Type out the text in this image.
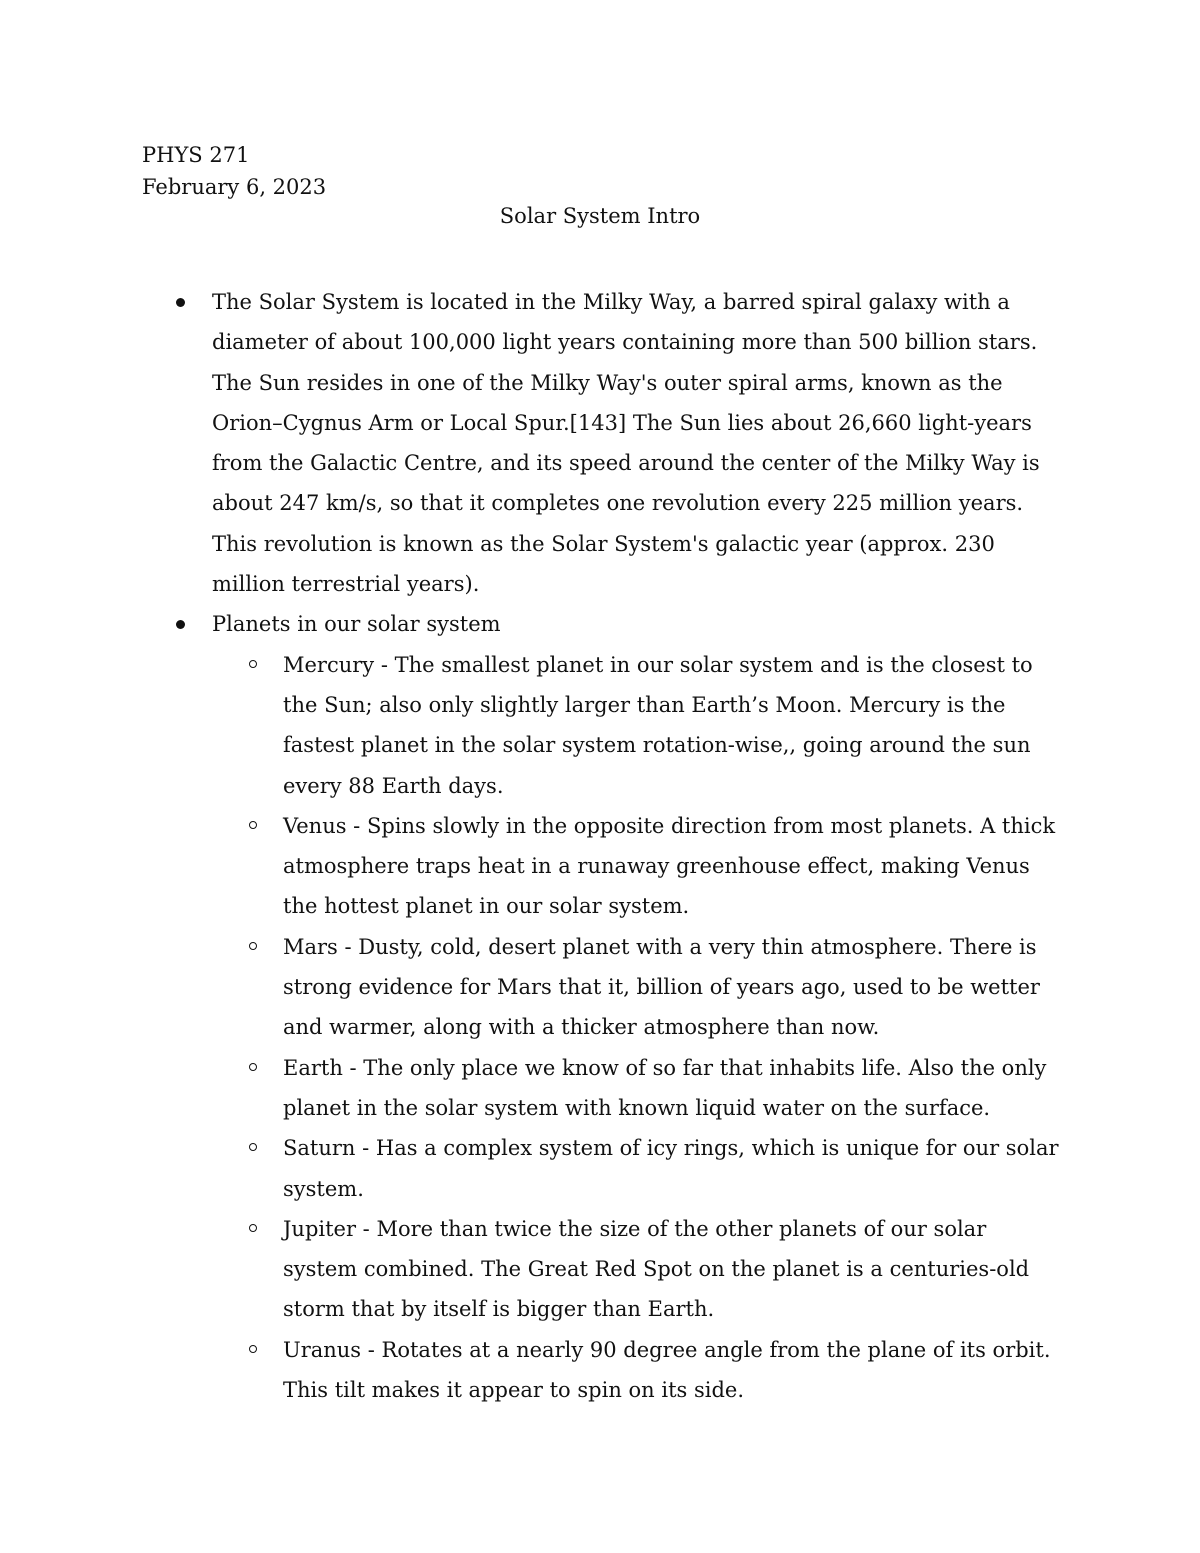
PHYS 271
February 6, 2023
Solar System Intro
The Solar System is located in the Milky Way, a barred spiral galaxy with a diameter of about 100,000 light years containing more than 500 billion stars. The Sun resides in one of the Milky Way's outer spiral arms, known as the Orion–Cygnus Arm or Local Spur.[143] The Sun lies about 26,660 light-years from the Galactic Centre, and its speed around the center of the Milky Way is about 247 km/s, so that it completes one revolution every 225 million years. This revolution is known as the Solar System's galactic year (approx. 230 million terrestrial years).
Planets in our solar system
Mercury - The smallest planet in our solar system and is the closest to the Sun; also only slightly larger than Earth’s Moon. Mercury is the fastest planet in the solar system rotation-wise,, going around the sun every 88 Earth days.
Venus - Spins slowly in the opposite direction from most planets. A thick atmosphere traps heat in a runaway greenhouse effect, making Venus the hottest planet in our solar system.
Mars - Dusty, cold, desert planet with a very thin atmosphere. There is strong evidence for Mars that it, billion of years ago, used to be wetter and warmer, along with a thicker atmosphere than now.
Earth - The only place we know of so far that inhabits life. Also the only planet in the solar system with known liquid water on the surface.
Saturn - Has a complex system of icy rings, which is unique for our solar system.
Jupiter - More than twice the size of the other planets of our solar system combined. The Great Red Spot on the planet is a centuries-old storm that by itself is bigger than Earth.
Uranus - Rotates at a nearly 90 degree angle from the plane of its orbit. This tilt makes it appear to spin on its side.
